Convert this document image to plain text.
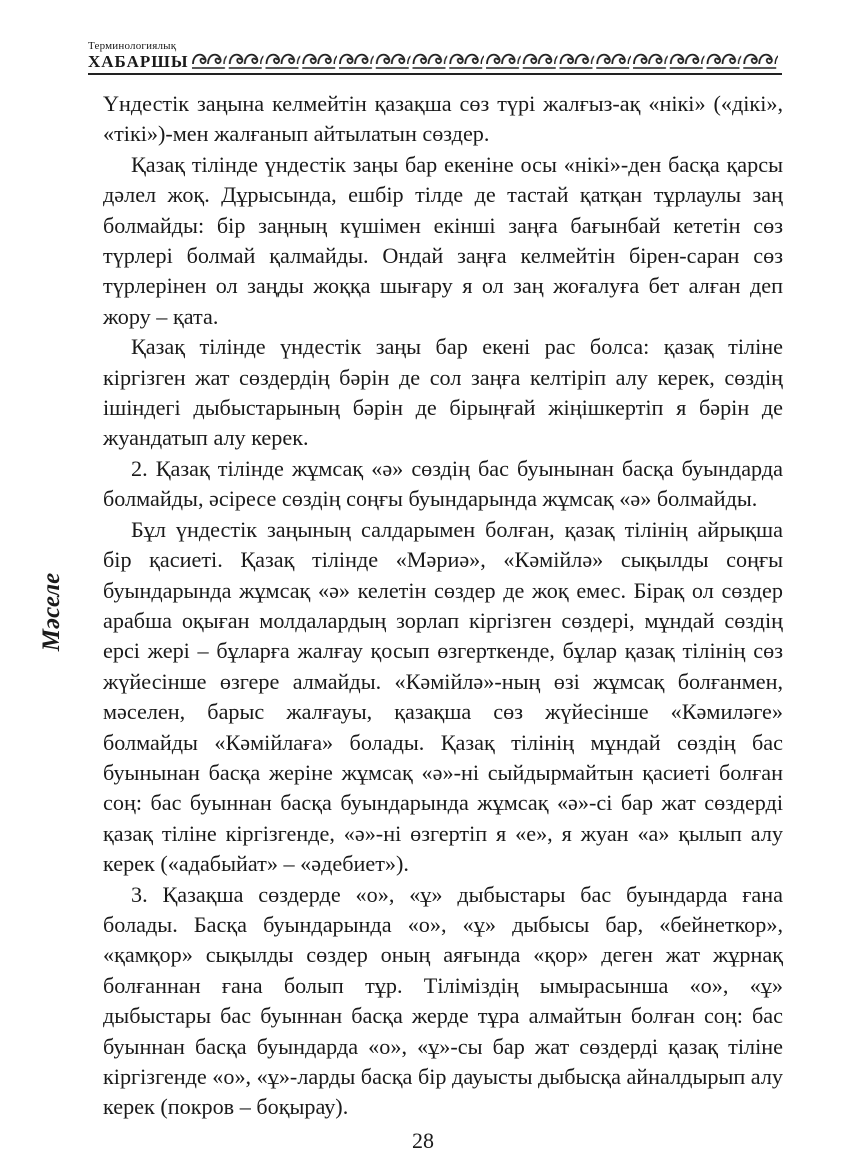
Терминологиялық
ХАБАРШЫ
Мәселе

Үндестік заңына келмейтін қазақша сөз түрі жалғыз-ақ «нікі» («дікі», «тікі»)-мен жалғанып айтылатын сөздер.

Қазақ тілінде үндестік заңы бар екеніне осы «нікі»-ден басқа қарсы дәлел жоқ. Дұрысында, ешбір тілде де тастай қатқан тұрлаулы заң болмайды: бір заңның күшімен екінші заңға бағынбай кететін сөз түрлері болмай қалмайды. Ондай заңға келмейтін бірен-саран сөз түрлерінен ол заңды жоққа шығару я ол заң жоғалуға бет алған деп жору – қата.

Қазақ тілінде үндестік заңы бар екені рас болса: қазақ тіліне кіргізген жат сөздердің бәрін де сол заңға келтіріп алу керек, сөздің ішіндегі дыбыстарының бәрін де бірыңғай жіңішкертіп я бәрін де жуандатып алу керек.

2. Қазақ тілінде жұмсақ «ә» сөздің бас буынынан басқа буындарда болмайды, әсіресе сөздің соңғы буындарында жұмсақ «ә» болмайды.

Бұл үндестік заңының салдарымен болған, қазақ тілінің айрықша бір қасиеті. Қазақ тілінде «Мәриә», «Кәмійлә» сықылды соңғы буындарында жұмсақ «ә» келетін сөздер де жоқ емес. Бірақ ол сөздер арабша оқыған молдалардың зорлап кіргізген сөздері, мұндай сөздің ерсі жері – бұларға жалғау қосып өзгерткенде, бұлар қазақ тілінің сөз жүйесінше өзгере алмайды. «Кәмійлә»-ның өзі жұмсақ болғанмен, мәселен, барыс жалғауы, қазақша сөз жүйесінше «Кәмиләге» болмайды «Кәмійлаға» болады. Қазақ тілінің мұндай сөздің бас буынынан басқа жеріне жұмсақ «ә»-ні сыйдырмайтын қасиеті болған соң: бас буыннан басқа буындарында жұмсақ «ә»-сі бар жат сөздерді қазақ тіліне кіргізгенде, «ә»-ні өзгертіп я «е», я жуан «а» қылып алу керек («адабыйат» – «әдебиет»).

3. Қазақша сөздерде «о», «ұ» дыбыстары бас буындарда ғана болады. Басқа буындарында «о», «ұ» дыбысы бар, «бейнеткор», «қамқор» сықылды сөздер оның аяғында «қор» деген жат жұрнақ болғаннан ғана болып тұр. Тіліміздің ымырасынша «о», «ұ» дыбыстары бас буыннан басқа жерде тұра алмайтын болған соң: бас буыннан басқа буындарда «о», «ұ»-сы бар жат сөздерді қазақ тіліне кіргізгенде «о», «ұ»-ларды басқа бір дауысты дыбысқа айналдырып алу керек (покров – боқырау).

28
